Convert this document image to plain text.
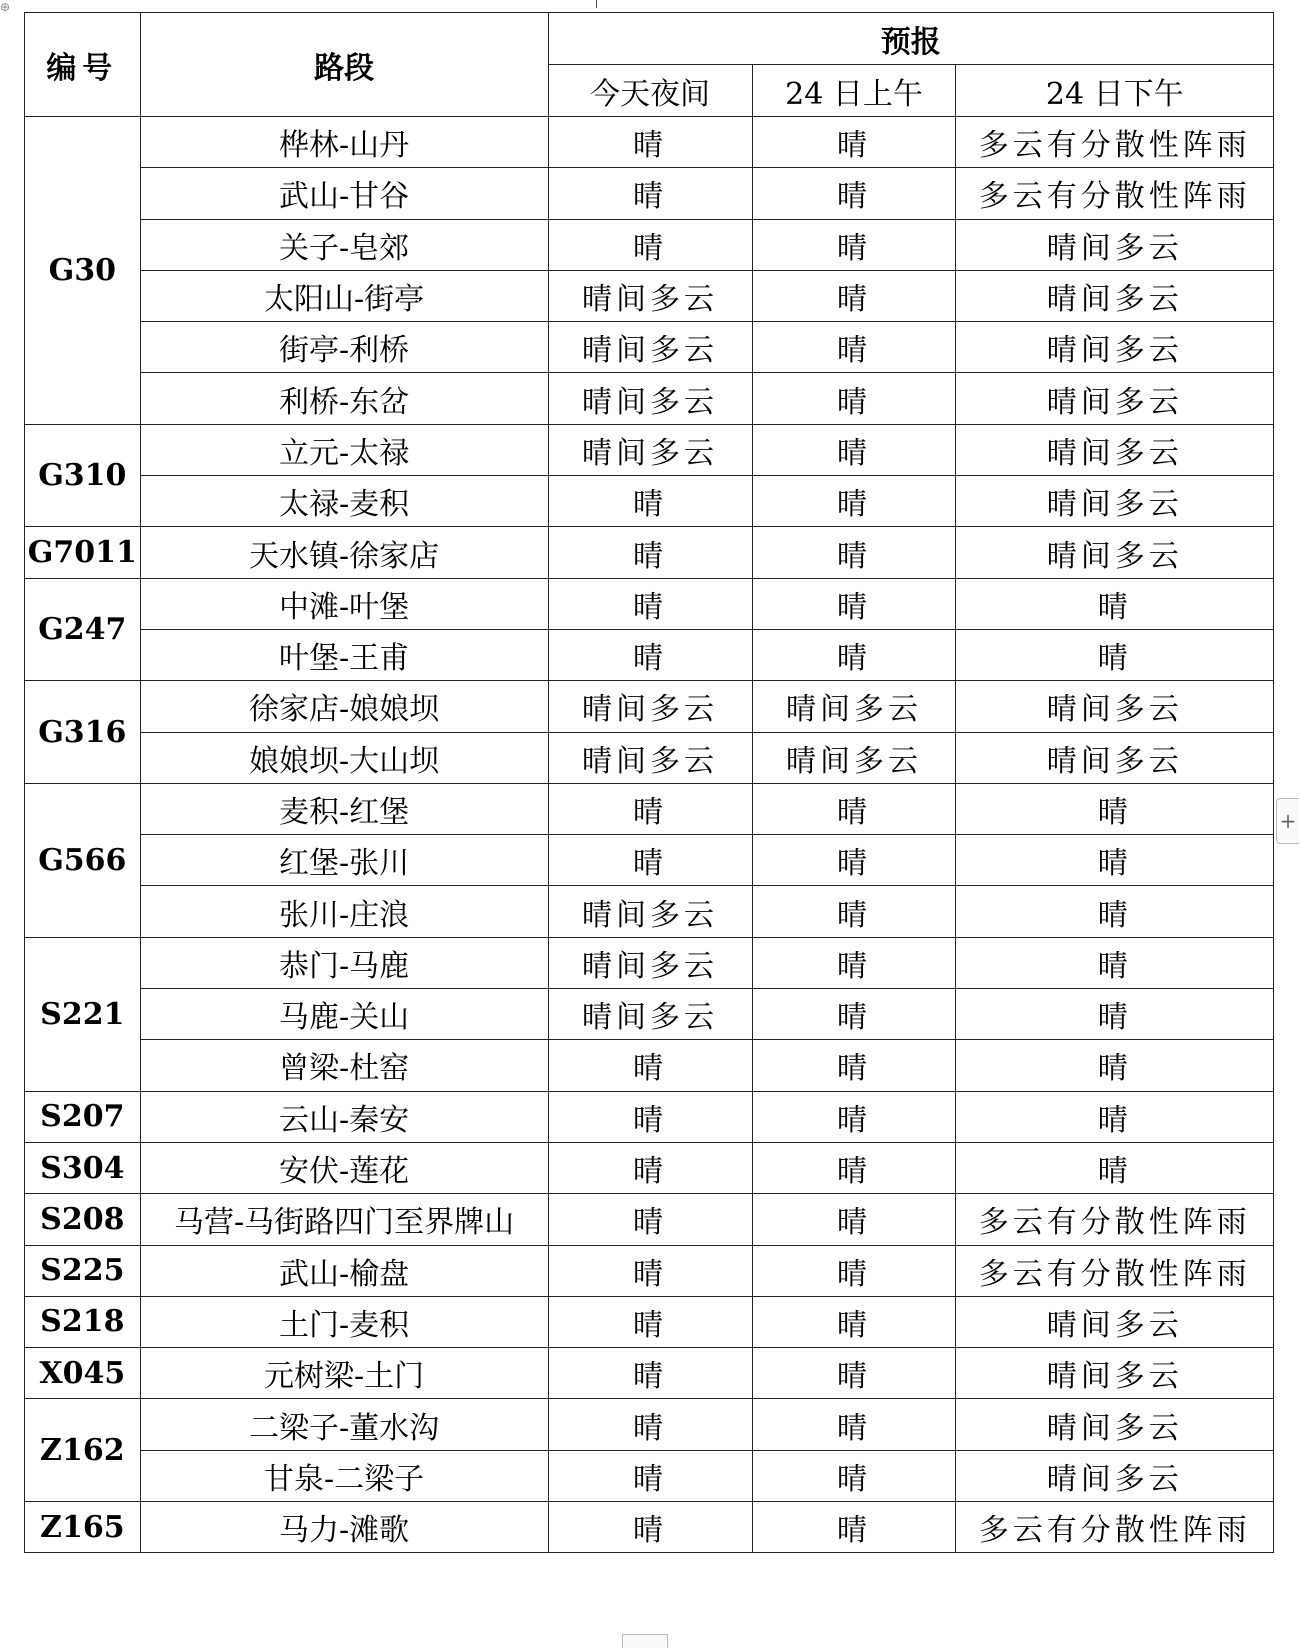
⊕
编号	路段	预报		
		今天夜间	24 日上午	24 日下午
G30	桦林-山丹	晴	晴	多云有分散性阵雨
	武山-甘谷	晴	晴	多云有分散性阵雨
	关子-皂郊	晴	晴	晴间多云
	太阳山-街亭	晴间多云	晴	晴间多云
	街亭-利桥	晴间多云	晴	晴间多云
	利桥-东岔	晴间多云	晴	晴间多云
G310	立元-太禄	晴间多云	晴	晴间多云
	太禄-麦积	晴	晴	晴间多云
G7011	天水镇-徐家店	晴	晴	晴间多云
G247	中滩-叶堡	晴	晴	晴
	叶堡-王甫	晴	晴	晴
G316	徐家店-娘娘坝	晴间多云	晴间多云	晴间多云
	娘娘坝-大山坝	晴间多云	晴间多云	晴间多云
G566	麦积-红堡	晴	晴	晴
	红堡-张川	晴	晴	晴
	张川-庄浪	晴间多云	晴	晴
S221	恭门-马鹿	晴间多云	晴	晴
	马鹿-关山	晴间多云	晴	晴
	曾梁-杜窑	晴	晴	晴
S207	云山-秦安	晴	晴	晴
S304	安伏-莲花	晴	晴	晴
S208	马营-马街路四门至界牌山	晴	晴	多云有分散性阵雨
S225	武山-榆盘	晴	晴	多云有分散性阵雨
S218	土门-麦积	晴	晴	晴间多云
X045	元树梁-土门	晴	晴	晴间多云
Z162	二梁子-董水沟	晴	晴	晴间多云
	甘泉-二梁子	晴	晴	晴间多云
Z165	马力-滩歌	晴	晴	多云有分散性阵雨
+
